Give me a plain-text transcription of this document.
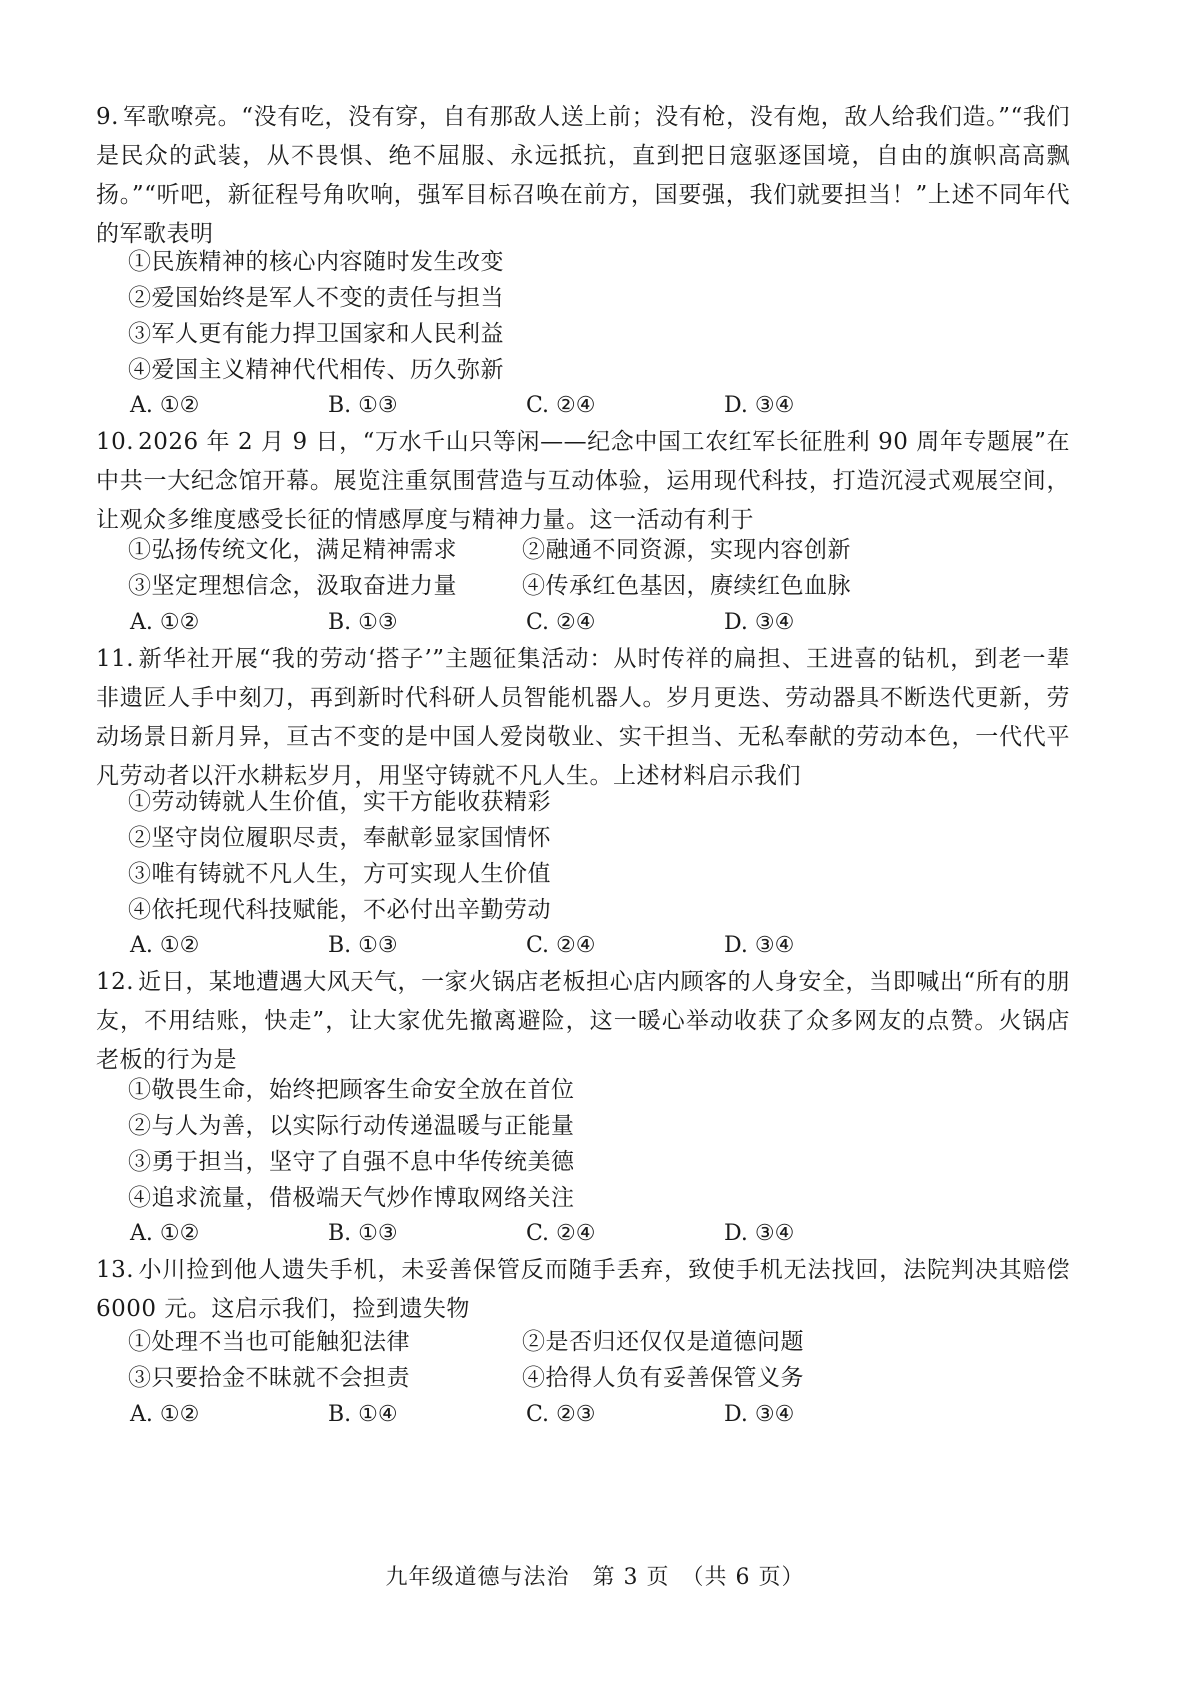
9. 军歌嘹亮。“没有吃，没有穿，自有那敌人送上前；没有枪，没有炮，敌人给我们造。”“我们是民众的武装，从不畏惧、绝不屈服、永远抵抗，直到把日寇驱逐国境，自由的旗帜高高飘扬。”“听吧，新征程号角吹响，强军目标召唤在前方，国要强，我们就要担当！”上述不同年代的军歌表明
①民族精神的核心内容随时发生改变
②爱国始终是军人不变的责任与担当
③军人更有能力捍卫国家和人民利益
④爱国主义精神代代相传、历久弥新
A. ①②	B. ①③	C. ②④	D. ③④
10. 2026 年 2 月 9 日，“万水千山只等闲——纪念中国工农红军长征胜利 90 周年专题展”在中共一大纪念馆开幕。展览注重氛围营造与互动体验，运用现代科技，打造沉浸式观展空间，让观众多维度感受长征的情感厚度与精神力量。这一活动有利于
①弘扬传统文化，满足精神需求	②融通不同资源，实现内容创新
③坚定理想信念，汲取奋进力量	④传承红色基因，赓续红色血脉
A. ①②	B. ①③	C. ②④	D. ③④
11. 新华社开展“我的劳动‘搭子’”主题征集活动：从时传祥的扁担、王进喜的钻机，到老一辈非遗匠人手中刻刀，再到新时代科研人员智能机器人。岁月更迭、劳动器具不断迭代更新，劳动场景日新月异，亘古不变的是中国人爱岗敬业、实干担当、无私奉献的劳动本色，一代代平凡劳动者以汗水耕耘岁月，用坚守铸就不凡人生。上述材料启示我们
①劳动铸就人生价值，实干方能收获精彩
②坚守岗位履职尽责，奉献彰显家国情怀
③唯有铸就不凡人生，方可实现人生价值
④依托现代科技赋能，不必付出辛勤劳动
A. ①②	B. ①③	C. ②④	D. ③④
12. 近日，某地遭遇大风天气，一家火锅店老板担心店内顾客的人身安全，当即喊出“所有的朋友，不用结账，快走”，让大家优先撤离避险，这一暖心举动收获了众多网友的点赞。火锅店老板的行为是
①敬畏生命，始终把顾客生命安全放在首位
②与人为善，以实际行动传递温暖与正能量
③勇于担当，坚守了自强不息中华传统美德
④追求流量，借极端天气炒作博取网络关注
A. ①②	B. ①③	C. ②④	D. ③④
13. 小川捡到他人遗失手机，未妥善保管反而随手丢弃，致使手机无法找回，法院判决其赔偿 6000 元。这启示我们，捡到遗失物
①处理不当也可能触犯法律	②是否归还仅仅是道德问题
③只要拾金不昧就不会担责	④拾得人负有妥善保管义务
A. ①②	B. ①④	C. ②③	D. ③④
九年级道德与法治　第 3 页　（共 6 页）
